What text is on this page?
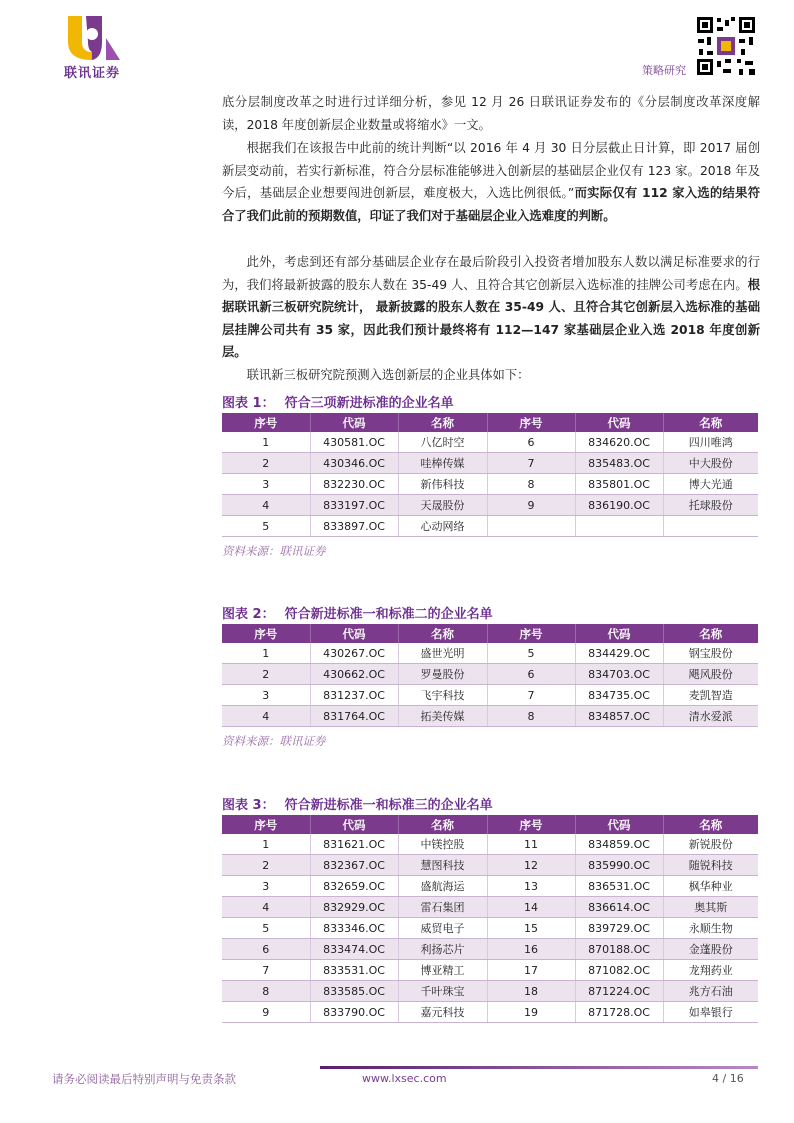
联讯证券	策略研究

底分层制度改革之时进行过详细分析，参见 12 月 26 日联讯证券发布的《分层制度改革深度解读，2018 年度创新层企业数量或将缩水》一文。

根据我们在该报告中此前的统计判断“以 2016 年 4 月 30 日分层截止日计算，即 2017 届创新层变动前，若实行新标准，符合分层标准能够进入创新层的基础层企业仅有 123 家。2018 年及今后，基础层企业想要闯进创新层，难度极大，入选比例很低。”而实际仅有 112 家入选的结果符合了我们此前的预期数值，印证了我们对于基础层企业入选难度的判断。

此外，考虑到还有部分基础层企业存在最后阶段引入投资者增加股东人数以满足标准要求的行为，我们将最新披露的股东人数在 35-49 人、且符合其它创新层入选标准的挂牌公司考虑在内。根据联讯新三板研究院统计， 最新披露的股东人数在 35-49 人、且符合其它创新层入选标准的基础层挂牌公司共有 35 家，因此我们预计最终将有 112—147 家基础层企业入选 2018 年度创新层。

联讯新三板研究院预测入选创新层的企业具体如下：

图表 1： 符合三项新进标准的企业名单
序号	代码	名称	序号	代码	名称
1	430581.OC	八亿时空	6	834620.OC	四川唯鸿
2	430346.OC	哇棒传媒	7	835483.OC	中大股份
3	832230.OC	新伟科技	8	835801.OC	博大光通
4	833197.OC	天晟股份	9	836190.OC	托球股份
5	833897.OC	心动网络			
资料来源：联讯证券
图表 2： 符合新进标准一和标准二的企业名单
序号	代码	名称	序号	代码	名称
1	430267.OC	盛世光明	5	834429.OC	钢宝股份
2	430662.OC	罗曼股份	6	834703.OC	飓风股份
3	831237.OC	飞宇科技	7	834735.OC	麦凯智造
4	831764.OC	拓美传媒	8	834857.OC	清水爱派
资料来源：联讯证券
图表 3： 符合新进标准一和标准三的企业名单
序号	代码	名称	序号	代码	名称
1	831621.OC	中镁控股	11	834859.OC	新锐股份
2	832367.OC	慧图科技	12	835990.OC	随锐科技
3	832659.OC	盛航海运	13	836531.OC	枫华种业
4	832929.OC	雷石集团	14	836614.OC	奥其斯
5	833346.OC	威贸电子	15	839729.OC	永顺生物
6	833474.OC	利扬芯片	16	870188.OC	金蓬股份
7	833531.OC	博亚精工	17	871082.OC	龙翔药业
8	833585.OC	千叶珠宝	18	871224.OC	兆方石油
9	833790.OC	嘉元科技	19	871728.OC	如皋银行
请务必阅读最后特别声明与免责条款	www.lxsec.com	4 / 16
